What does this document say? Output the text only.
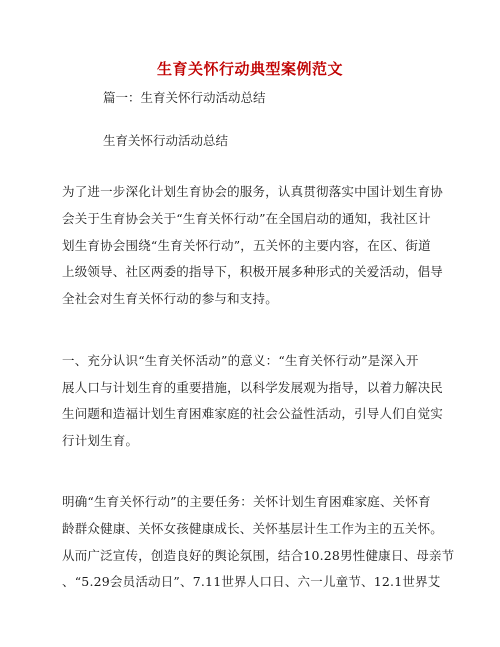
生育关怀行动典型案例范文
篇一：生育关怀行动活动总结
生育关怀行动活动总结
为了进一步深化计划生育协会的服务，认真贯彻落实中国计划生育协
会关于生育协会关于“生育关怀行动”在全国启动的通知，我社区计
划生育协会围绕“生育关怀行动”，五关怀的主要内容，在区、街道
上级领导、社区两委的指导下，积极开展多种形式的关爱活动，倡导
全社会对生育关怀行动的参与和支持。
一、充分认识“生育关怀活动”的意义：“生育关怀行动”是深入开
展人口与计划生育的重要措施，以科学发展观为指导，以着力解决民
生问题和造福计划生育困难家庭的社会公益性活动，引导人们自觉实
行计划生育。
明确“生育关怀行动”的主要任务：关怀计划生育困难家庭、关怀育
龄群众健康、关怀女孩健康成长、关怀基层计生工作为主的五关怀。
从而广泛宣传，创造良好的舆论氛围，结合10.28男性健康日、母亲节
、“5.29会员活动日”、7.11世界人口日、六一儿童节、12.1世界艾
